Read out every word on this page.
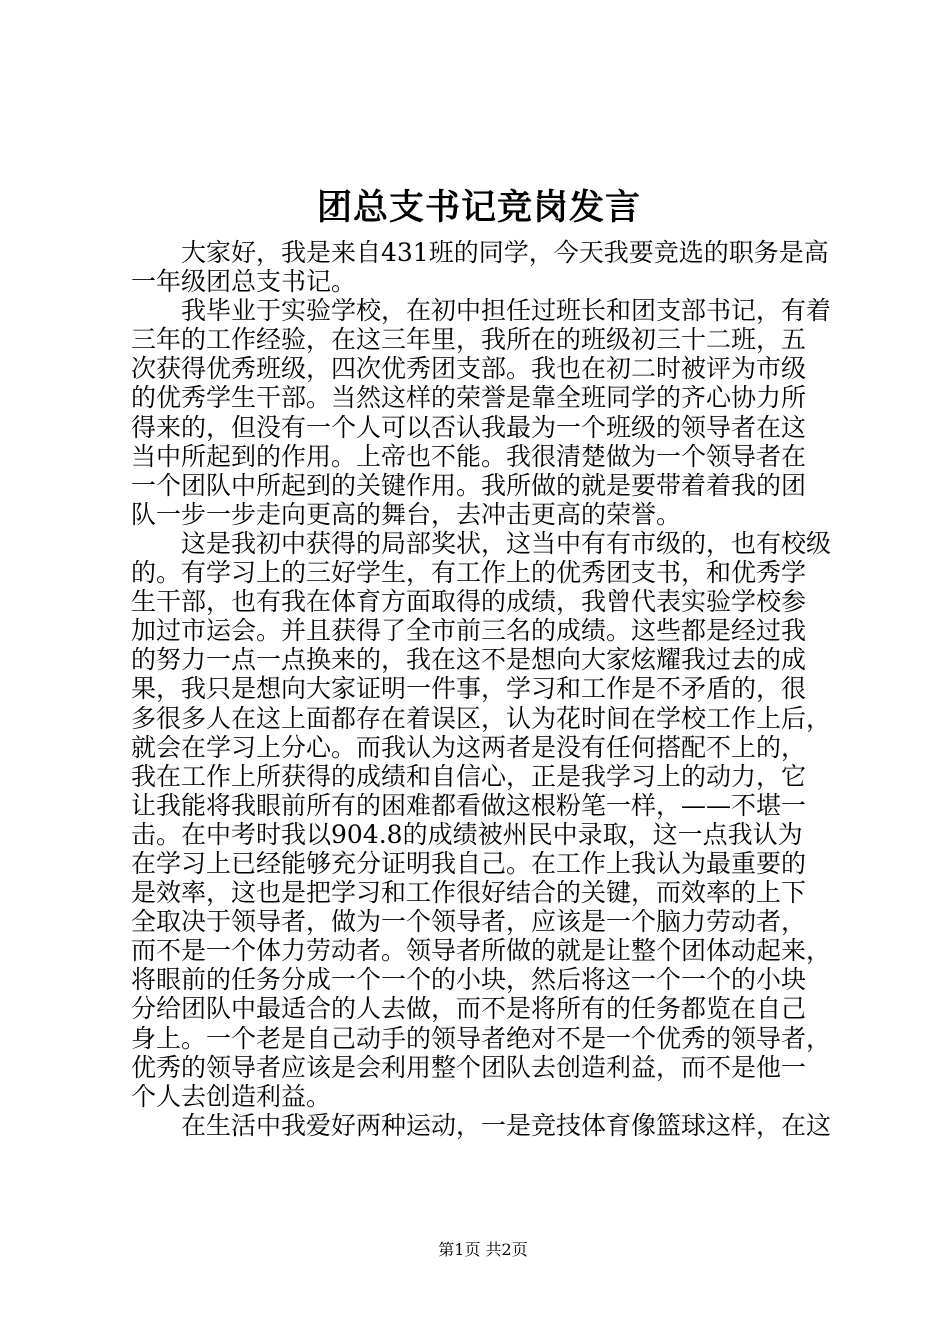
团总支书记竞岗发言
大家好，我是来自431班的同学，今天我要竞选的职务是高
一年级团总支书记。
我毕业于实验学校，在初中担任过班长和团支部书记，有着
三年的工作经验，在这三年里，我所在的班级初三十二班，五
次获得优秀班级，四次优秀团支部。我也在初二时被评为市级
的优秀学生干部。当然这样的荣誉是靠全班同学的齐心协力所
得来的，但没有一个人可以否认我最为一个班级的领导者在这
当中所起到的作用。上帝也不能。我很清楚做为一个领导者在
一个团队中所起到的关键作用。我所做的就是要带着着我的团
队一步一步走向更高的舞台，去冲击更高的荣誉。
这是我初中获得的局部奖状，这当中有有市级的，也有校级
的。有学习上的三好学生，有工作上的优秀团支书，和优秀学
生干部，也有我在体育方面取得的成绩，我曾代表实验学校参
加过市运会。并且获得了全市前三名的成绩。这些都是经过我
的努力一点一点换来的，我在这不是想向大家炫耀我过去的成
果，我只是想向大家证明一件事，学习和工作是不矛盾的，很
多很多人在这上面都存在着误区，认为花时间在学校工作上后，
就会在学习上分心。而我认为这两者是没有任何搭配不上的，
我在工作上所获得的成绩和自信心，正是我学习上的动力，它
让我能将我眼前所有的困难都看做这根粉笔一样，——不堪一
击。在中考时我以904.8的成绩被州民中录取，这一点我认为
在学习上已经能够充分证明我自己。在工作上我认为最重要的
是效率，这也是把学习和工作很好结合的关键，而效率的上下
全取决于领导者，做为一个领导者，应该是一个脑力劳动者，
而不是一个体力劳动者。领导者所做的就是让整个团体动起来，
将眼前的任务分成一个一个的小块，然后将这一个一个的小块
分给团队中最适合的人去做，而不是将所有的任务都览在自己
身上。一个老是自己动手的领导者绝对不是一个优秀的领导者，
优秀的领导者应该是会利用整个团队去创造利益，而不是他一
个人去创造利益。
在生活中我爱好两种运动，一是竞技体育像篮球这样，在这
第1页 共2页
